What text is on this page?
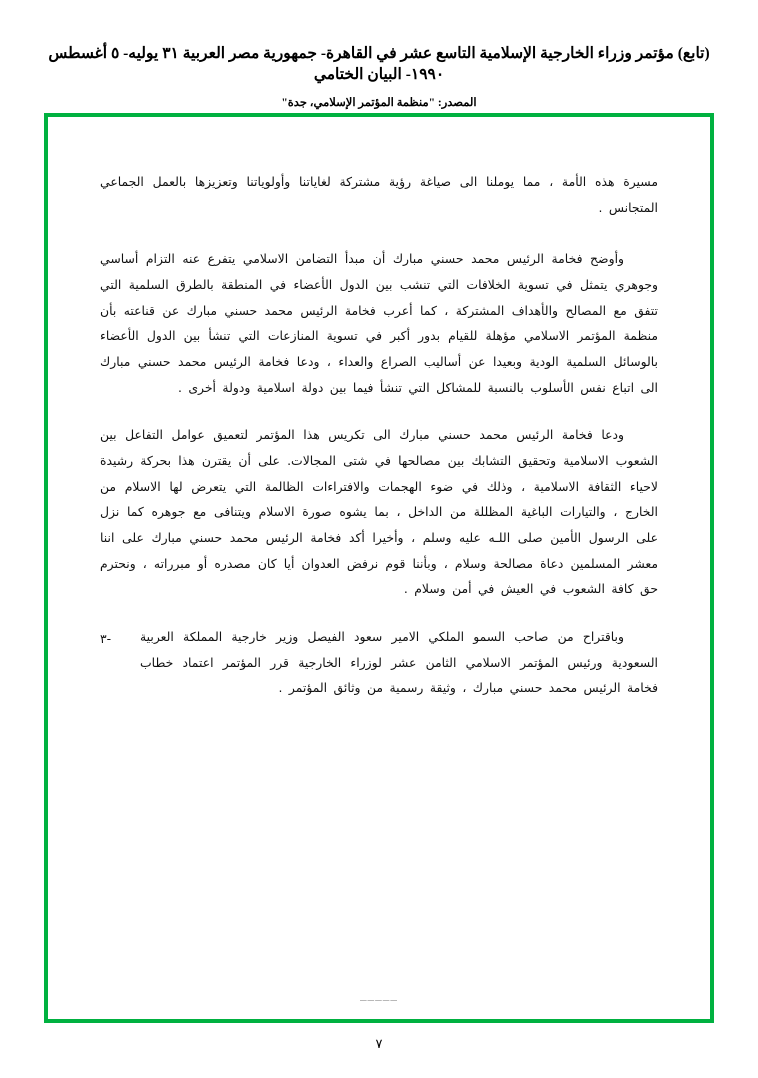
(تابع) مؤتمر وزراء الخارجية الإسلامية التاسع عشر في القاهرة- جمهورية مصر العربية ٣١ يوليه- ٥ أغسطس ١٩٩٠- البيان الختامي
المصدر: "منظمة المؤتمر الإسلامي، جدة"

مسيرة هذه الأمة ، مما يوملنا الى صياغة رؤية مشتركة لغاياتنا وأولوياتنا وتعزيزها بالعمل الجماعي المتجانس .

وأوضح فخامة الرئيس محمد حسني مبارك أن مبدأ التضامن الاسلامي يتفرع عنه التزام أساسي وجوهري يتمثل في تسوية الخلافات التي تنشب بين الدول الأعضاء في المنطقة بالطرق السلمية التي تتفق مع المصالح والأهداف المشتركة ، كما أعرب فخامة الرئيس محمد حسني مبارك عن قناعته بأن منظمة المؤتمر الاسلامي مؤهلة للقيام بدور أكبر في تسوية المنازعات التي تنشأ بين الدول الأعضاء بالوسائل السلمية الودية وبعيدا عن أساليب الصراع والعداء ، ودعا فخامة الرئيس محمد حسني مبارك الى اتباع نفس الأسلوب بالنسبة للمشاكل التي تنشأ فيما بين دولة اسلامية ودولة أخرى .

ودعا فخامة الرئيس محمد حسني مبارك الى تكريس هذا المؤتمر لتعميق عوامل التفاعل بين الشعوب الاسلامية وتحقيق التشابك بين مصالحها في شتى المجالات. على أن يقترن هذا بحركة رشيدة لاحياء الثقافة الاسلامية ، وذلك في ضوء الهجمات والافتراءات الظالمة التي يتعرض لها الاسلام من الخارج ، والتيارات الباغية المظللة من الداخل ، بما يشوه صورة الاسلام ويتنافى مع جوهره كما نزل على الرسول الأمين صلى اللـه عليه وسلم ، وأخيرا أكد فخامة الرئيس محمد حسني مبارك على اننا معشر المسلمين دعاة مصالحة وسلام ، وبأننا قوم نرفض العدوان أيا كان مصدره أو مبرراته ، ونحترم حق كافة الشعوب في العيش في أمن وسلام .

-٣ وباقتراح من صاحب السمو الملكي الامير سعود الفيصل وزير خارجية المملكة العربية السعودية ورئيس المؤتمر الاسلامي الثامن عشر لوزراء الخارجية قرر المؤتمر اعتماد خطاب فخامة الرئيس محمد حسني مبارك ، وثيقة رسمية من وثائق المؤتمر .

_____
٧
